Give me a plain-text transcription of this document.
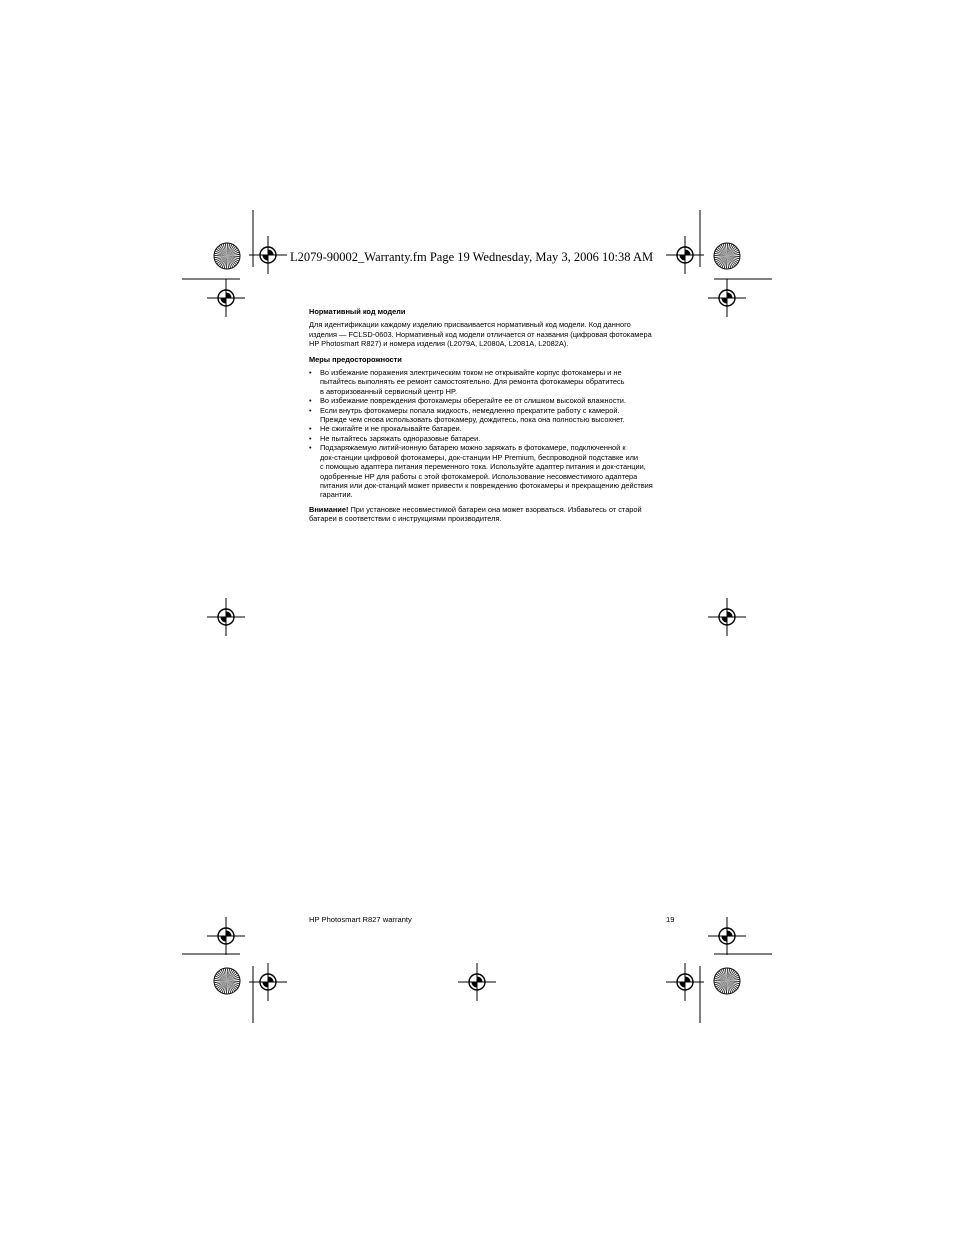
L2079-90002_Warranty.fm Page 19 Wednesday, May 3, 2006 10:38 AM
Нормативный код модели
Для идентификации каждому изделию присваивается нормативный код модели. Код данного
изделия — FCLSD-0603. Нормативный код модели отличается от названия (цифровая фотокамера
HP Photosmart R827) и номера изделия (L2079A, L2080A, L2081A, L2082A).
Меры предосторожности
• Во избежание поражения электрическим током не открывайте корпус фотокамеры и не
пытайтесь выполнять ее ремонт самостоятельно. Для ремонта фотокамеры обратитесь
в авторизованный сервисный центр HP.
• Во избежание повреждения фотокамеры оберегайте ее от слишком высокой влажности.
• Если внутрь фотокамеры попала жидкость, немедленно прекратите работу с камерой.
Прежде чем снова использовать фотокамеру, дождитесь, пока она полностью высохнет.
• Не сжигайте и не прокалывайте батареи.
• Не пытайтесь заряжать одноразовые батареи.
• Подзаряжаемую литий-ионную батарею можно заряжать в фотокамере, подключенной к
док-станции цифровой фотокамеры, док-станции HP Premium, беспроводной подставке или
с помощью адаптера питания переменного тока. Используйте адаптер питания и док-станции,
одобренные HP для работы с этой фотокамерой. Использование несовместимого адаптера
питания или док-станций может привести к повреждению фотокамеры и прекращению действия
гарантии.
Внимание! При установке несовместимой батареи она может взорваться. Избавьтесь от старой
батареи в соответствии с инструкциями производителя.
HP Photosmart R827 warranty	19
